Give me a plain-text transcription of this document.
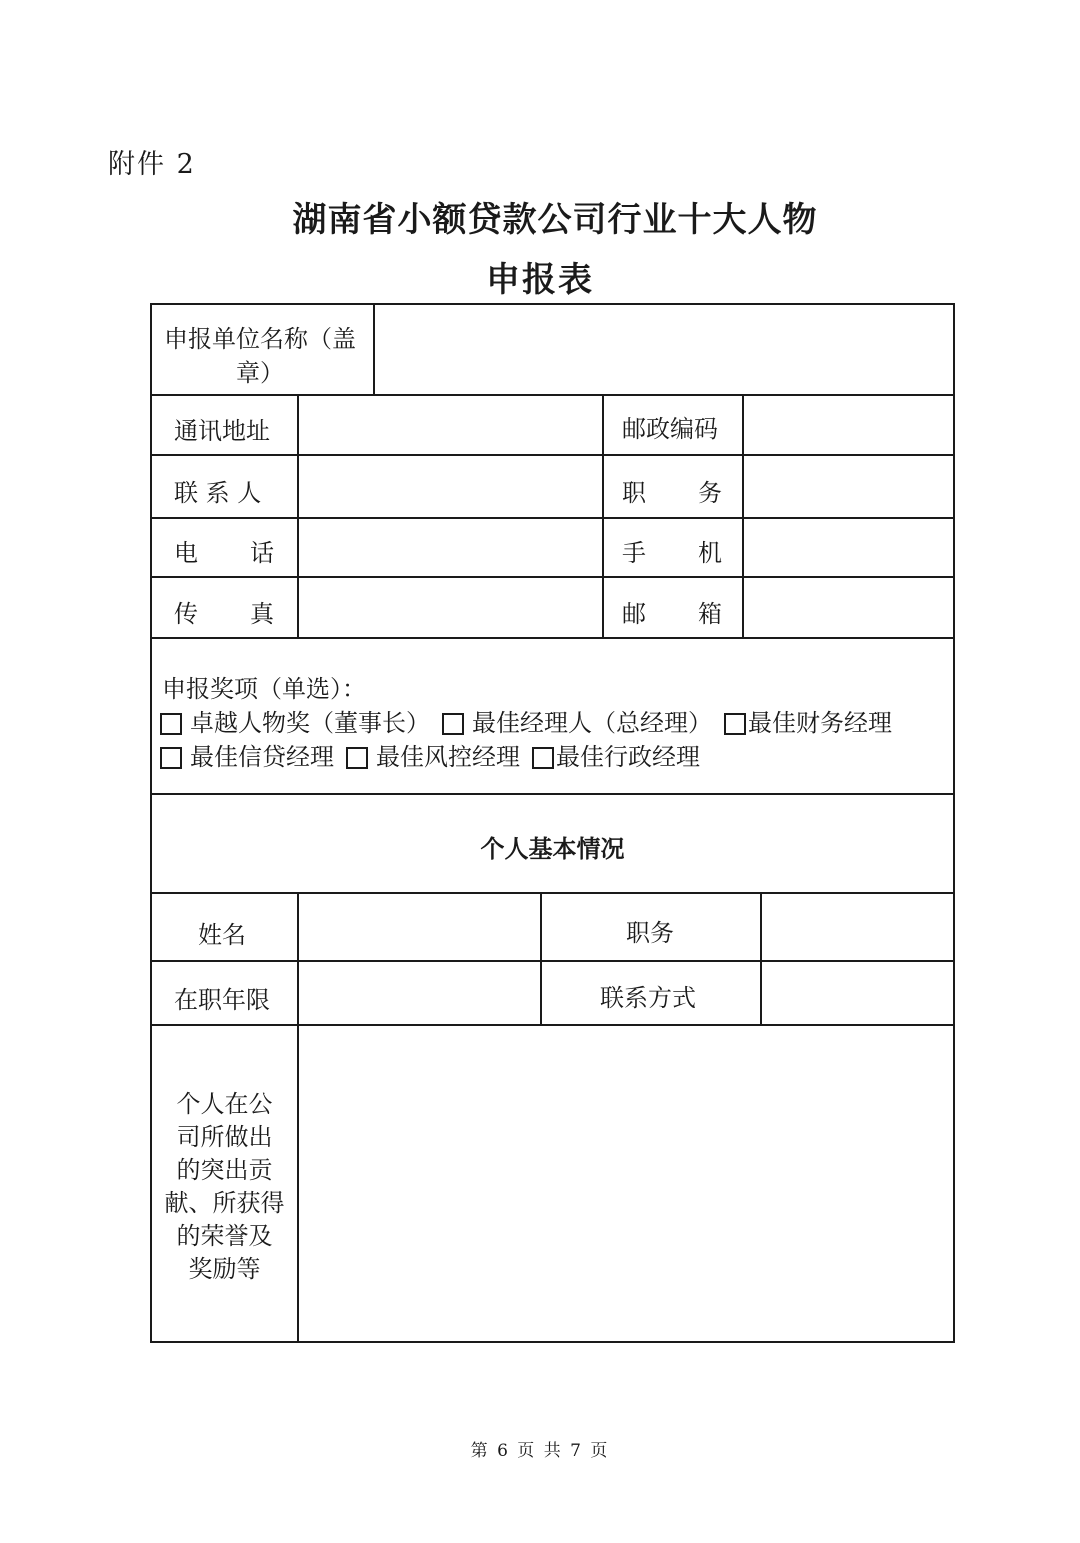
附件 2
湖南省小额贷款公司行业十大人物
申报表
申报单位名称（盖
章）
通讯地址	邮政编码
联 系 人	职 务
电 话	手 机
传 真	邮 箱
申报奖项（单选）：
卓越人物奖（董事长） 最佳经理人（总经理） 最佳财务经理
最佳信贷经理 最佳风控经理 最佳行政经理
个人基本情况
姓名	职务
在职年限	联系方式
个人在公
司所做出
的突出贡
献、所获得
的荣誉及
奖励等
第 6 页 共 7 页
